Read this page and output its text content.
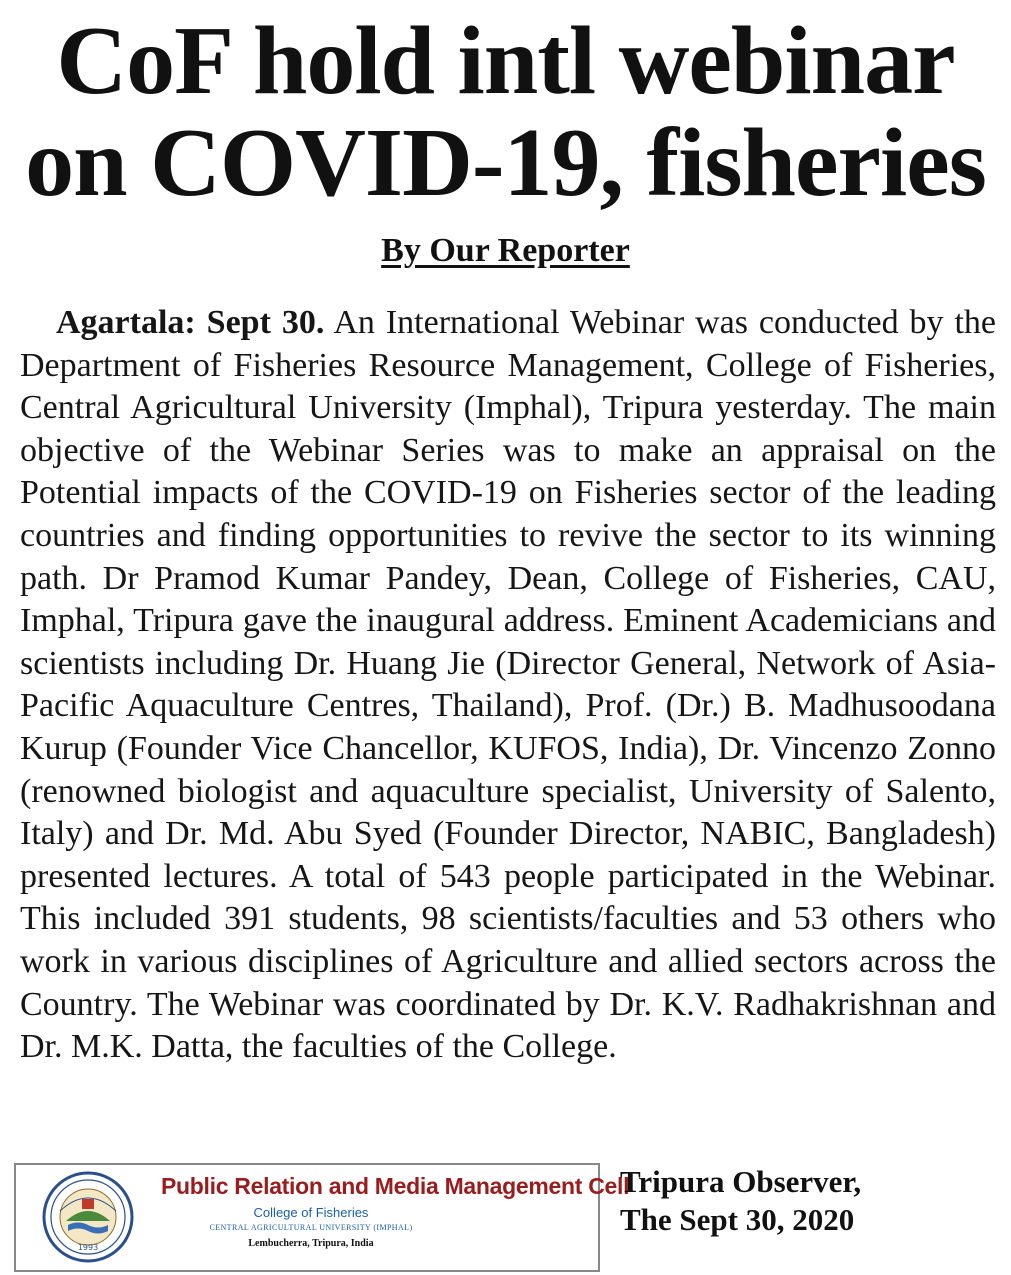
CoF hold intl webinar
on COVID-19, fisheries
By Our Reporter

Agartala: Sept 30. An International Webinar was conducted by the Department of Fisheries Resource Management, College of Fisheries, Central Agricultural University (Imphal), Tripura yesterday. The main objective of the Webinar Series was to make an appraisal on the Potential impacts of the COVID-19 on Fisheries sector of the leading countries and finding opportunities to revive the sector to its winning path. Dr Pramod Kumar Pandey, Dean, College of Fisheries, CAU, Imphal, Tripura gave the inaugural address. Eminent Academicians and scientists including Dr. Huang Jie (Director General, Network of Asia-Pacific Aquaculture Centres, Thailand), Prof. (Dr.) B. Madhusoodana Kurup (Founder Vice Chancellor, KUFOS, India), Dr. Vincenzo Zonno (renowned biologist and aquaculture specialist, University of Salento, Italy) and Dr. Md. Abu Syed (Founder Director, NABIC, Bangladesh) presented lectures. A total of 543 people participated in the Webinar. This included 391 students, 98 scientists/faculties and 53 others who work in various disciplines of Agriculture and allied sectors across the Country. The Webinar was coordinated by Dr. K.V. Radhakrishnan and Dr. M.K. Datta, the faculties of the College.

1993
Public Relation and Media Management Cell
College of Fisheries
CENTRAL AGRICULTURAL UNIVERSITY (IMPHAL)
Lembucherra, Tripura, India
Tripura Observer,
The Sept 30, 2020
